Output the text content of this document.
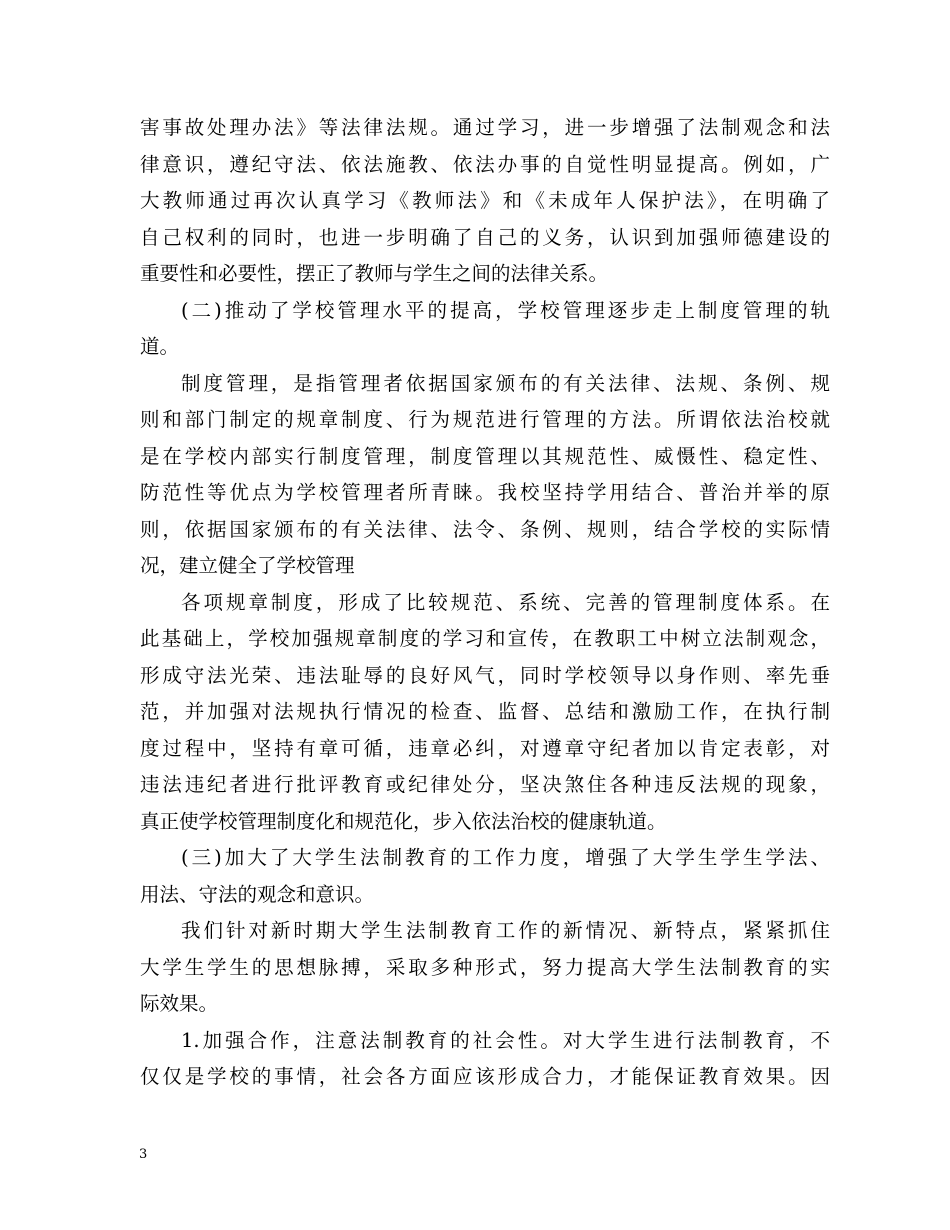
害事故处理办法》等法律法规。通过学习，进一步增强了法制观念和法
律意识，遵纪守法、依法施教、依法办事的自觉性明显提高。例如，广
大教师通过再次认真学习《教师法》和《未成年人保护法》，在明确了
自己权利的同时，也进一步明确了自己的义务，认识到加强师德建设的
重要性和必要性，摆正了教师与学生之间的法律关系。
(二)推动了学校管理水平的提高，学校管理逐步走上制度管理的轨
道。
制度管理，是指管理者依据国家颁布的有关法律、法规、条例、规
则和部门制定的规章制度、行为规范进行管理的方法。所谓依法治校就
是在学校内部实行制度管理，制度管理以其规范性、威慑性、稳定性、
防范性等优点为学校管理者所青睐。我校坚持学用结合、普治并举的原
则，依据国家颁布的有关法律、法令、条例、规则，结合学校的实际情
况，建立健全了学校管理
各项规章制度，形成了比较规范、系统、完善的管理制度体系。在
此基础上，学校加强规章制度的学习和宣传，在教职工中树立法制观念，
形成守法光荣、违法耻辱的良好风气，同时学校领导以身作则、率先垂
范，并加强对法规执行情况的检查、监督、总结和激励工作，在执行制
度过程中，坚持有章可循，违章必纠，对遵章守纪者加以肯定表彰，对
违法违纪者进行批评教育或纪律处分，坚决煞住各种违反法规的现象，
真正使学校管理制度化和规范化，步入依法治校的健康轨道。
(三)加大了大学生法制教育的工作力度，增强了大学生学生学法、
用法、守法的观念和意识。
我们针对新时期大学生法制教育工作的新情况、新特点，紧紧抓住
大学生学生的思想脉搏，采取多种形式，努力提高大学生法制教育的实
际效果。
1.加强合作，注意法制教育的社会性。对大学生进行法制教育，不
仅仅是学校的事情，社会各方面应该形成合力，才能保证教育效果。因
3
